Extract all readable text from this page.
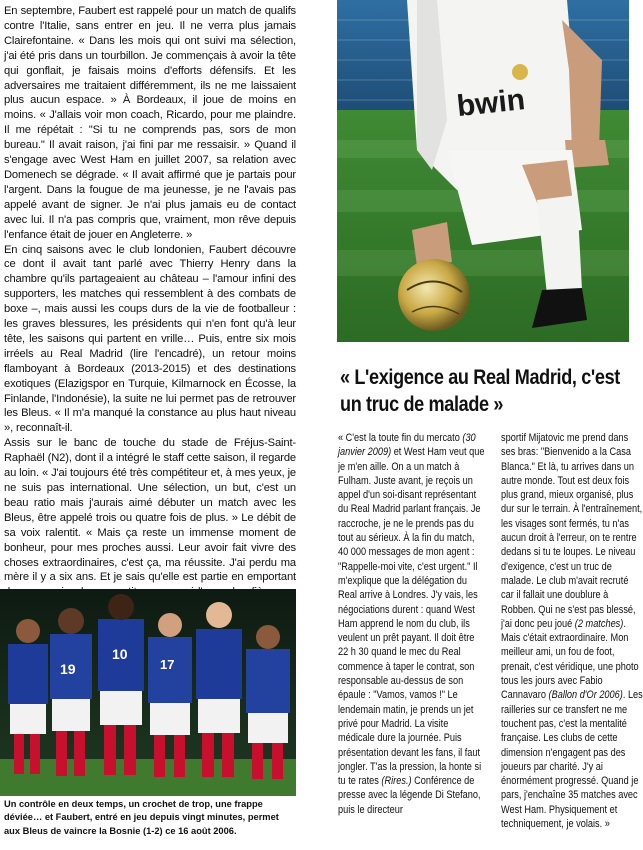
En septembre, Faubert est rappelé pour un match de qualifs contre l'Italie, sans entrer en jeu. Il ne verra plus jamais Clairefontaine. « Dans les mois qui ont suivi ma sélection, j'ai été pris dans un tourbillon. Je commençais à avoir la tête qui gonflait, je faisais moins d'efforts défensifs. Et les adversaires me traitaient différemment, ils ne me laissaient plus aucun espace. » À Bordeaux, il joue de moins en moins. « J'allais voir mon coach, Ricardo, pour me plaindre. Il me répétait : "Si tu ne comprends pas, sors de mon bureau." Il avait raison, j'ai fini par me ressaisir. » Quand il s'engage avec West Ham en juillet 2007, sa relation avec Domenech se dégrade. « Il avait affirmé que je partais pour l'argent. Dans la fougue de ma jeunesse, je ne l'avais pas appelé avant de signer. Je n'ai plus jamais eu de contact avec lui. Il n'a pas compris que, vraiment, mon rêve depuis l'enfance était de jouer en Angleterre. »

En cinq saisons avec le club londonien, Faubert découvre ce dont il avait tant parlé avec Thierry Henry dans la chambre qu'ils partageaient au château – l'amour infini des supporters, les matches qui ressemblent à des combats de boxe –, mais aussi les coups durs de la vie de footballeur : les graves blessures, les présidents qui n'en font qu'à leur tête, les saisons qui partent en vrille… Puis, entre six mois irréels au Real Madrid (lire l'encadré), un retour moins flamboyant à Bordeaux (2013-2015) et des destinations exotiques (Elazigspor en Turquie, Kilmarnock en Écosse, la Finlande, l'Indonésie), la suite ne lui permet pas de retrouver les Bleus. « Il m'a manqué la constance au plus haut niveau », reconnaît-il.

Assis sur le banc de touche du stade de Fréjus-Saint-Raphaël (N2), dont il a intégré le staff cette saison, il regarde au loin. « J'ai toujours été très compétiteur et, à mes yeux, je ne suis pas international. Une sélection, un but, c'est un beau ratio mais j'aurais aimé débuter un match avec les Bleus, être appelé trois ou quatre fois de plus. » Le débit de sa voix ralentit. « Mais ça reste un immense moment de bonheur, pour mes proches aussi. Leur avoir fait vivre des choses extraordinaires, c'est ça, ma réussite. J'ai perdu ma mère il y a six ans. Et je sais qu'elle est partie en emportant

bwin
« L'exigence au Real Madrid, c'est un truc de malade »

« C'est la toute fin du mercato (30 janvier 2009) et West Ham veut que je m'en aille. On a un match à Fulham. Juste avant, je reçois un appel d'un soi-disant représentant du Real Madrid parlant français. Je raccroche, je ne le prends pas du tout au sérieux. À la fin du match, 40 000 messages de mon agent : "Rappelle-moi vite, c'est urgent." Il m'explique que la délégation du Real arrive à Londres. J'y vais, les négociations durent : quand West Ham apprend le nom du club, ils veulent un prêt payant. Il doit être 22 h 30 quand le mec du Real commence à taper le contrat, son responsable au-dessus de son épaule : "Vamos, vamos !" Le lendemain matin, je prends un jet privé pour Madrid. La visite médicale dure la journée. Puis présentation devant les fans, il faut jongler. T'as la pression, la honte si tu te rates (Rires.) Conférence de presse avec la légende Di Stefano, puis le directeur

sportif Mijatovic me prend dans ses bras: "Bienvenido a la Casa Blanca." Et là, tu arrives dans un autre monde. Tout est deux fois plus grand, mieux organisé, plus dur sur le terrain. À l'entraînement, les visages sont fermés, tu n'as aucun droit à l'erreur, on te rentre dedans si tu te loupes. Le niveau d'exigence, c'est un truc de malade. Le club m'avait recruté car il fallait une doublure à Robben. Qui ne s'est pas blessé, j'ai donc peu joué (2 matches). Mais c'était extraordinaire. Mon meilleur ami, un fou de foot, prenait, c'est véridique, une photo tous les jours avec Fabio Cannavaro (Ballon d'Or 2006). Les railleries sur ce transfert ne me touchent pas, c'est la mentalité française. Les clubs de cette dimension n'engagent pas des joueurs par charité. J'y ai énormément progressé. Quand je pars, j'enchaîne 35 matches avec West Ham. Physiquement et techniquement, je volais. »

19
10
17
Un contrôle en deux temps, un crochet de trop, une frappe déviée… et Faubert, entré en jeu depuis vingt minutes, permet aux Bleus de vaincre la Bosnie (1-2) ce 16 août 2006.
